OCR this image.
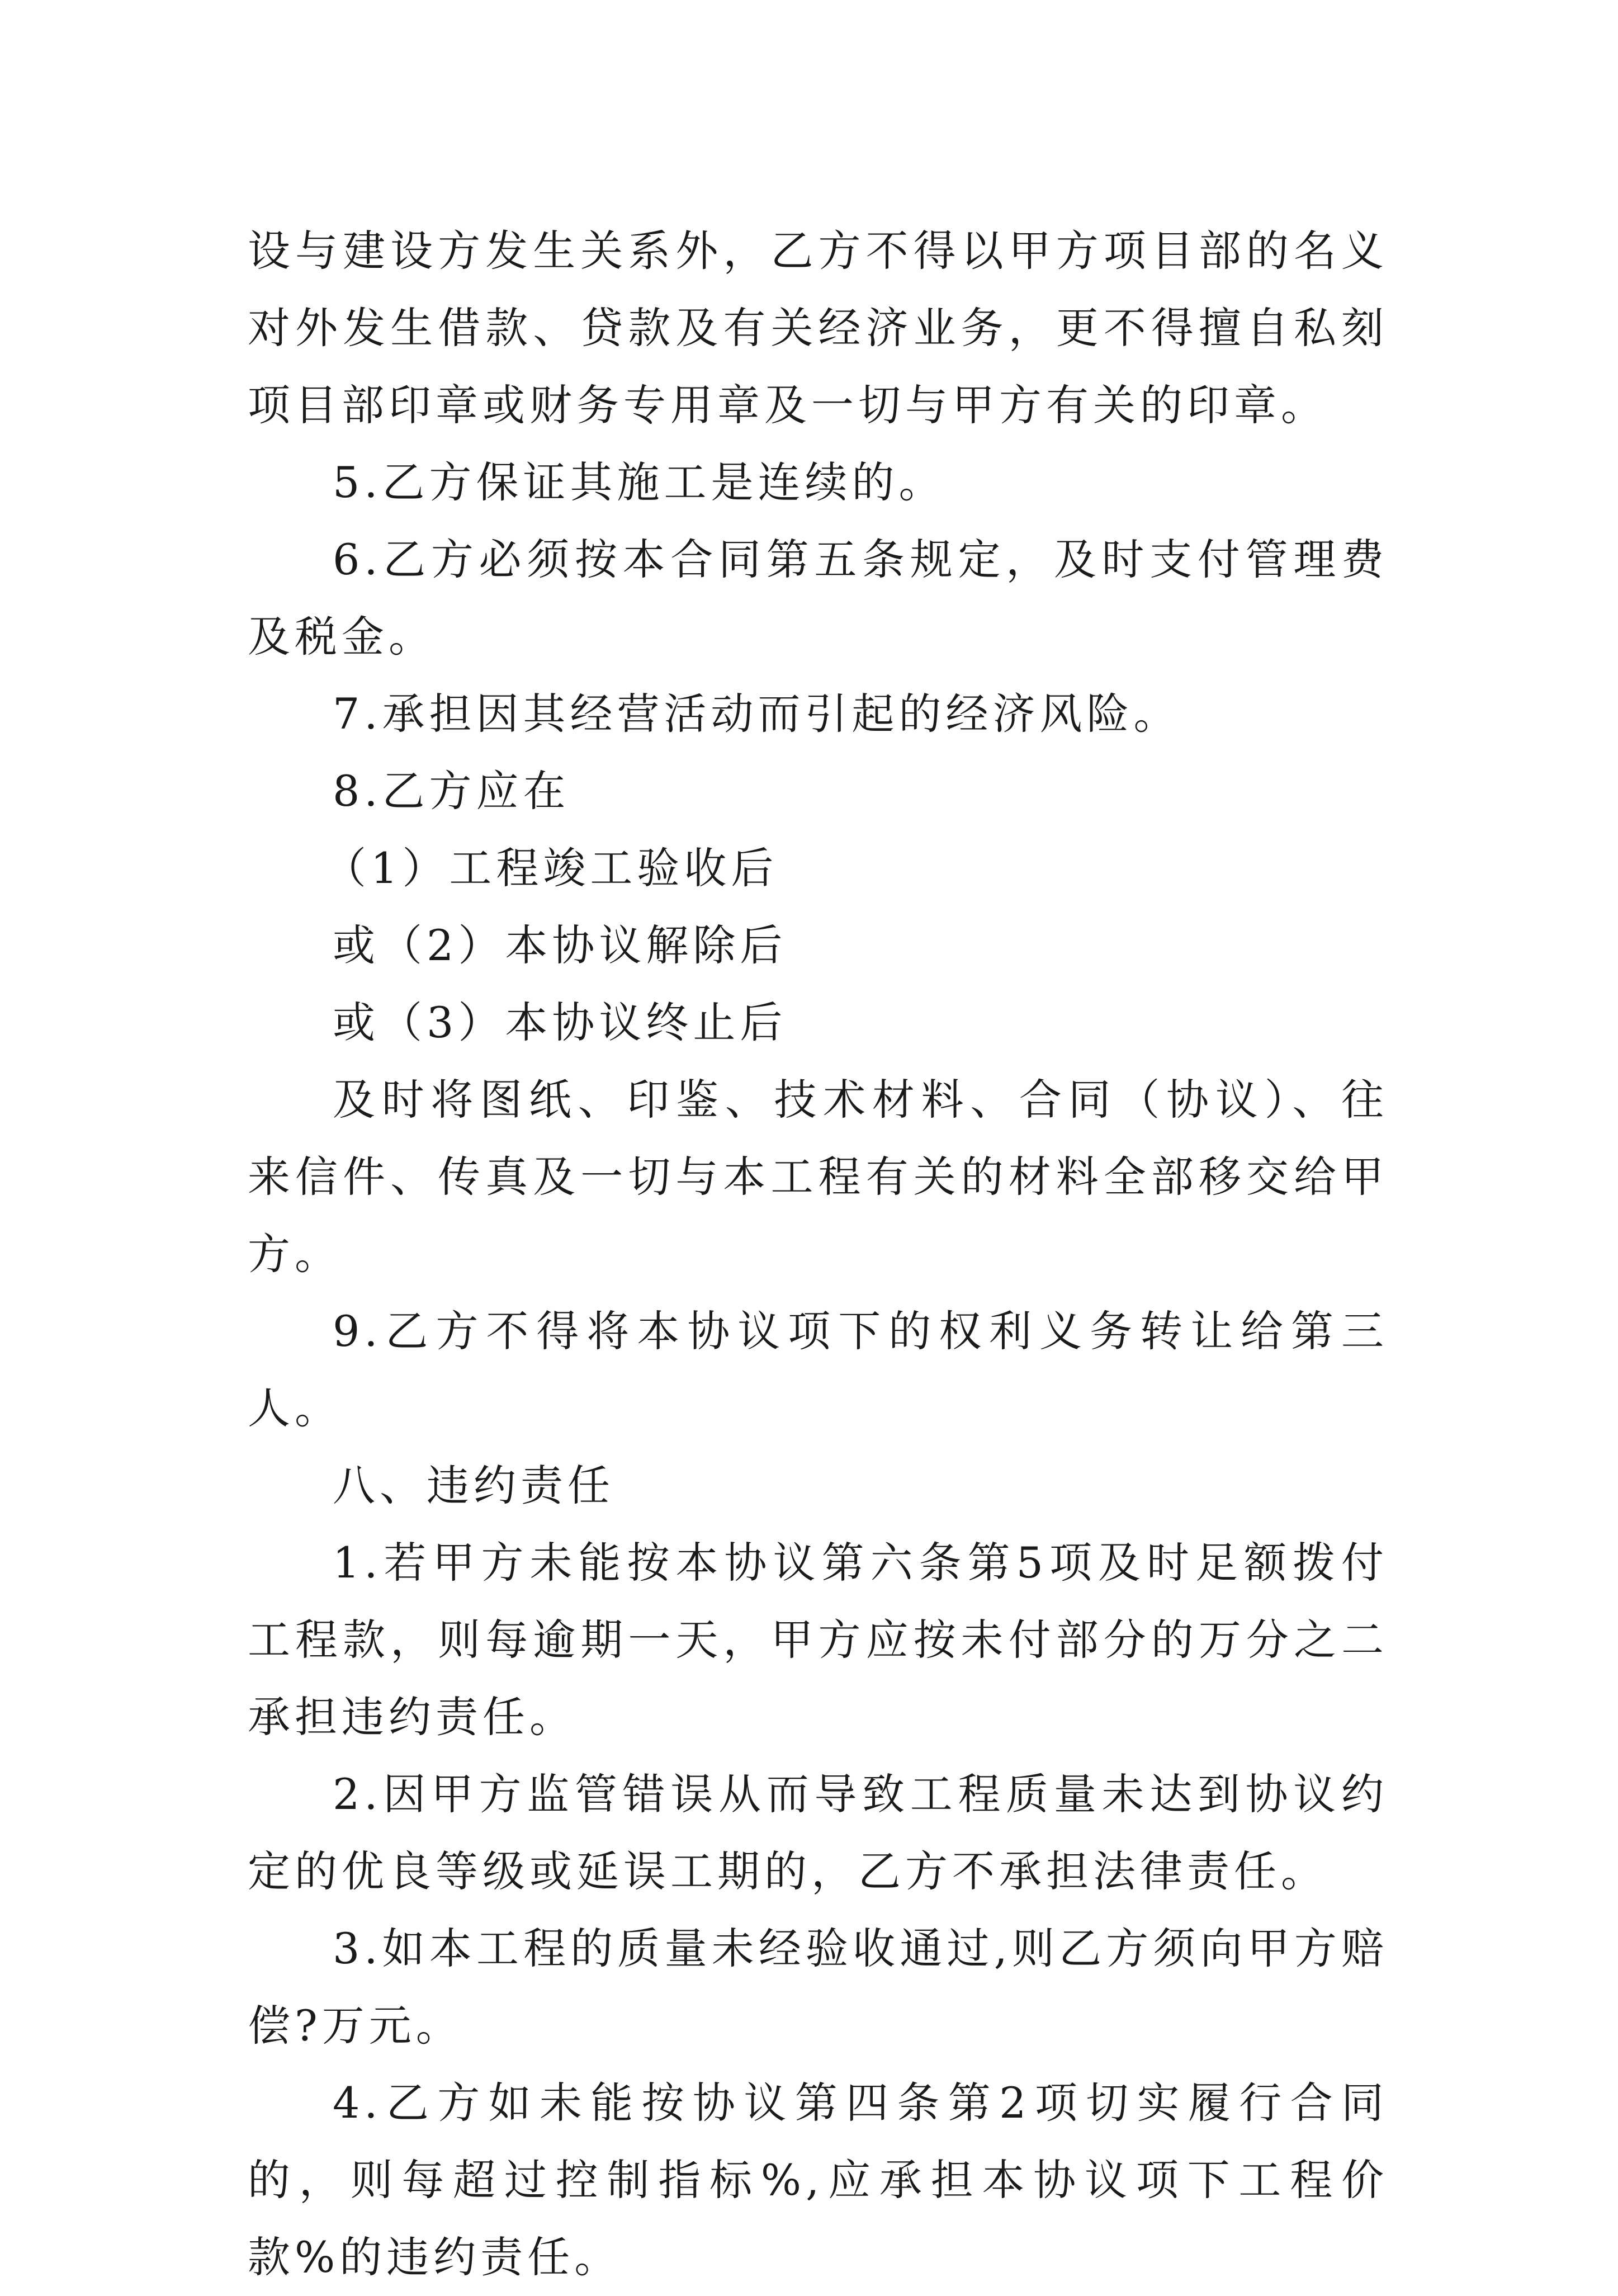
设与建设方发生关系外，乙方不得以甲方项目部的名义对外发生借款、贷款及有关经济业务，更不得擅自私刻项目部印章或财务专用章及一切与甲方有关的印章。

5.乙方保证其施工是连续的。

6.乙方必须按本合同第五条规定，及时支付管理费及税金。

7.承担因其经营活动而引起的经济风险。

8.乙方应在

（1）工程竣工验收后

或（2）本协议解除后

或（3）本协议终止后

及时将图纸、印鉴、技术材料、合同（协议）、往来信件、传真及一切与本工程有关的材料全部移交给甲方。

9.乙方不得将本协议项下的权利义务转让给第三人。

八、违约责任

1.若甲方未能按本协议第六条第5项及时足额拨付工程款，则每逾期一天，甲方应按未付部分的万分之二承担违约责任。

2.因甲方监管错误从而导致工程质量未达到协议约定的优良等级或延误工期的，乙方不承担法律责任。

3.如本工程的质量未经验收通过,则乙方须向甲方赔偿?万元。

4.乙方如未能按协议第四条第2项切实履行合同的，则每超过控制指标%,应承担本协议项下工程价款%的违约责任。
